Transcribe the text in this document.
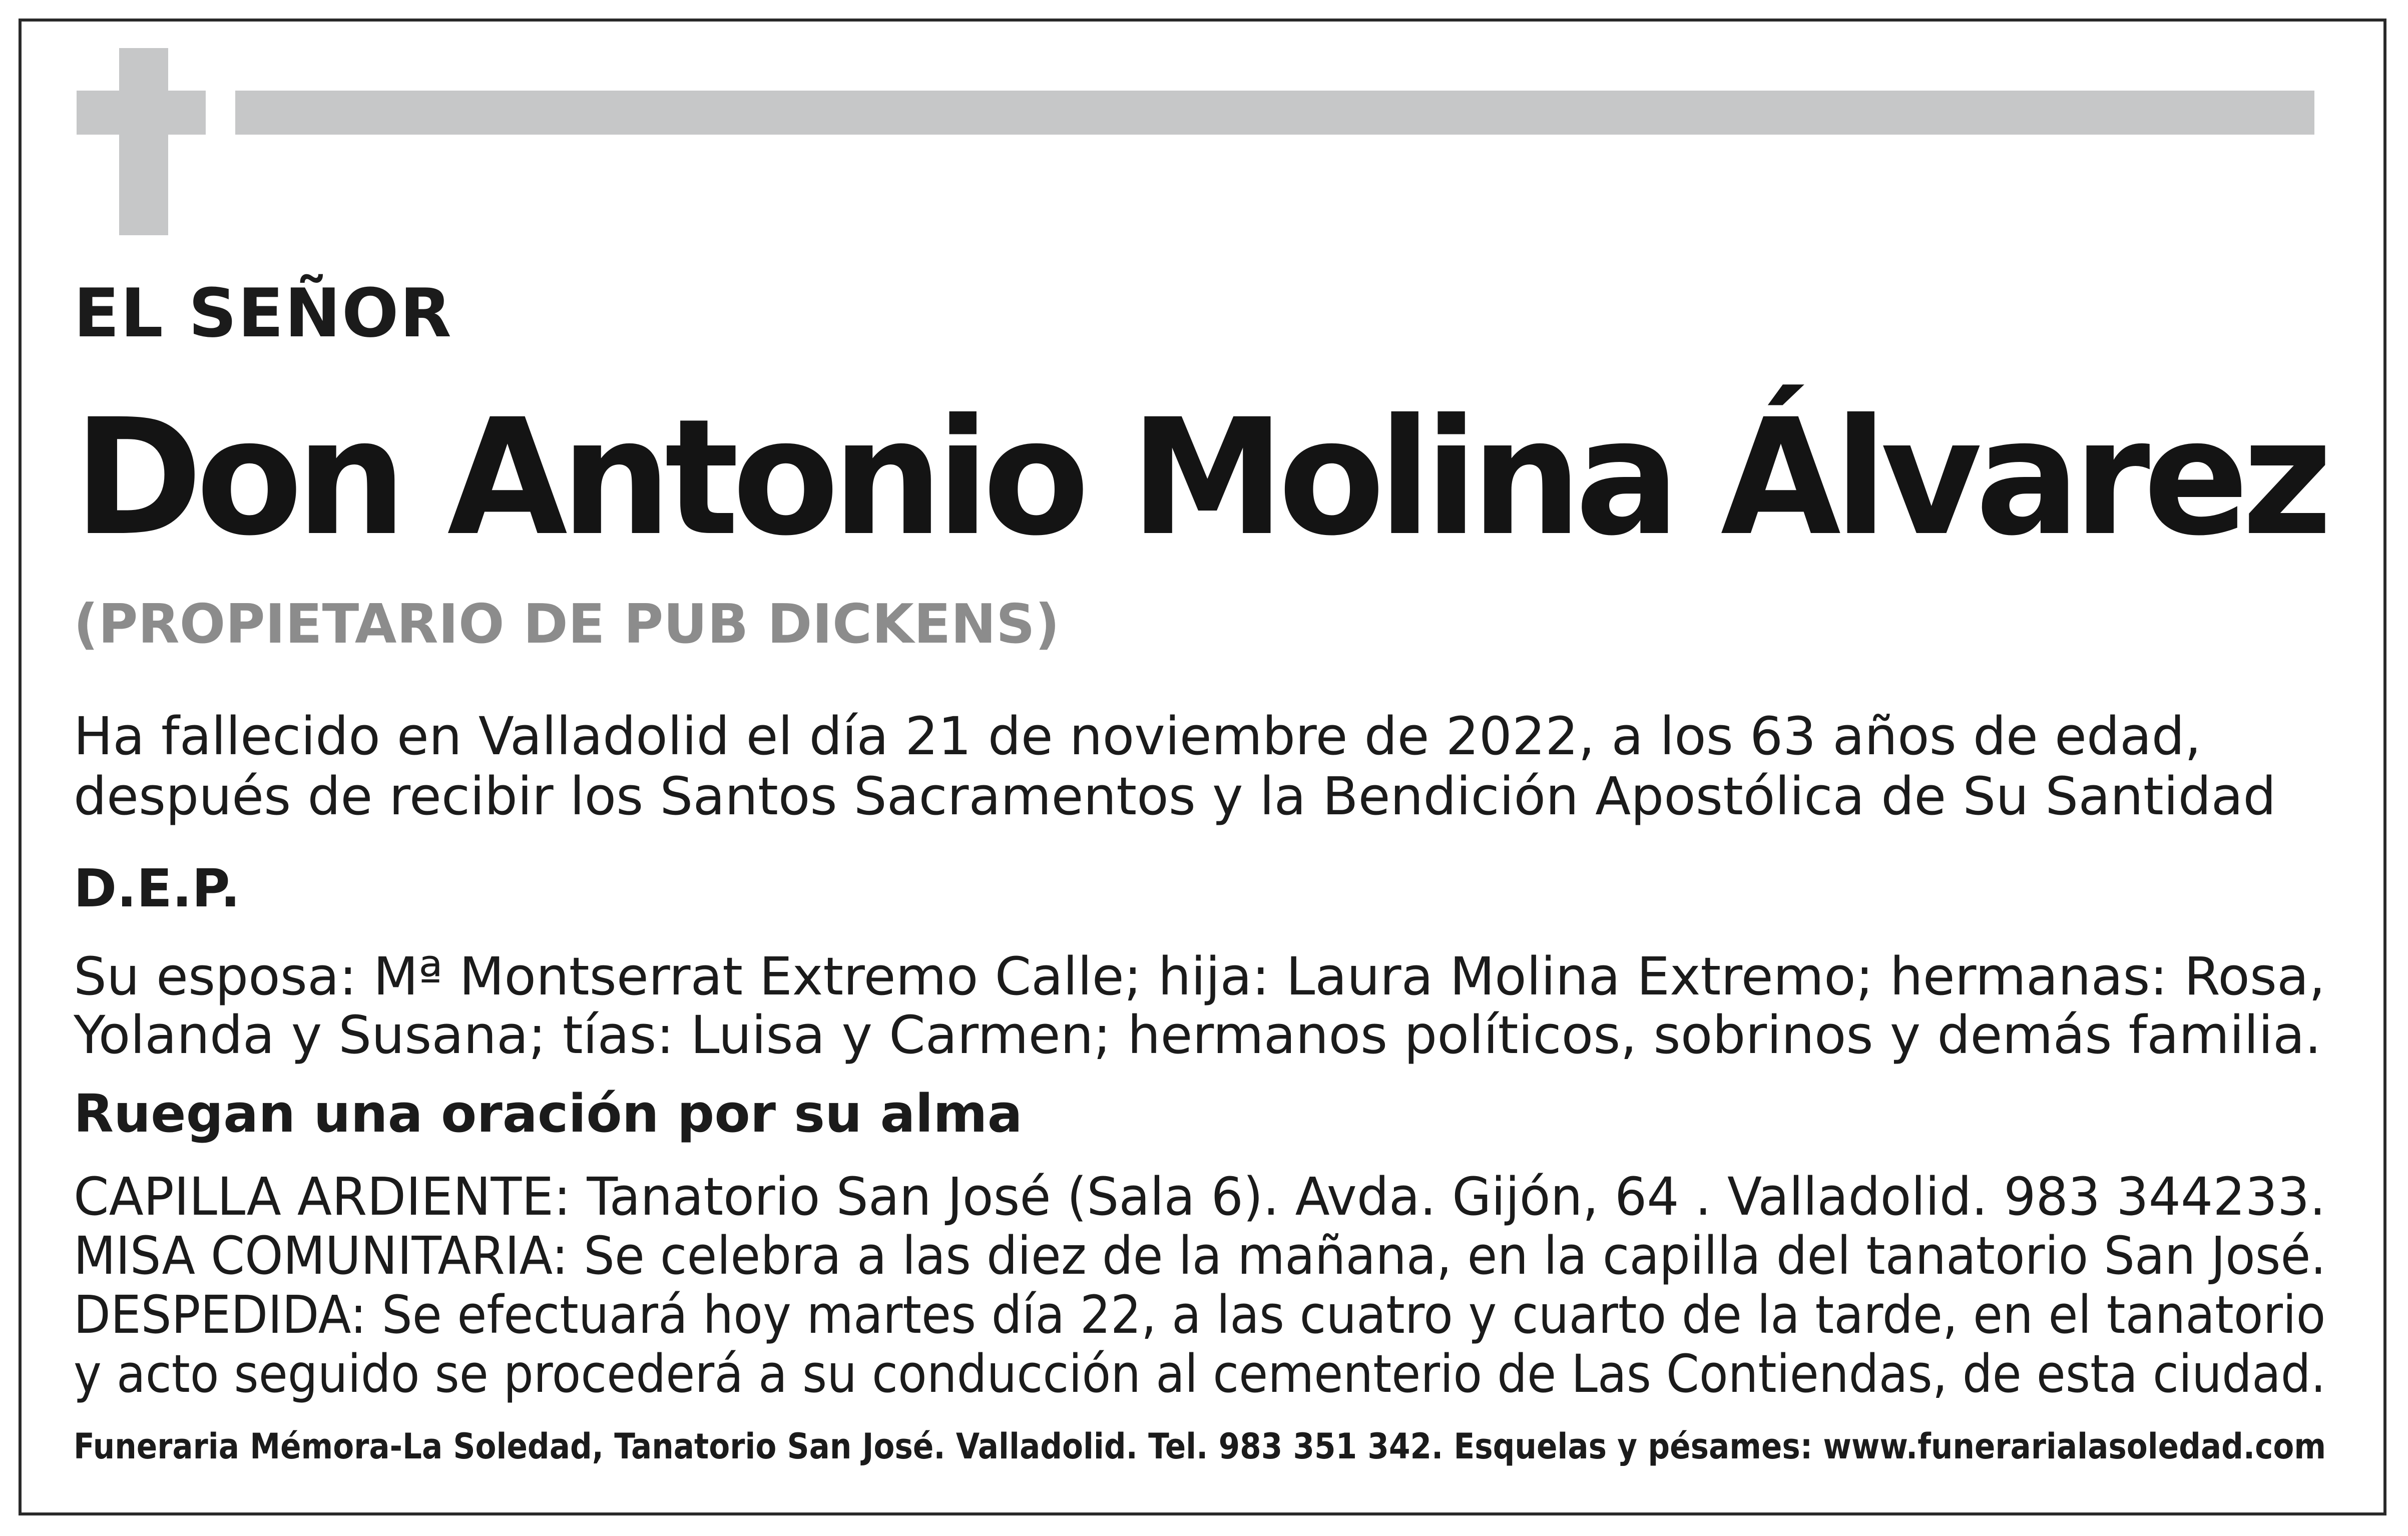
EL SEÑOR
Don Antonio Molina Álvarez
(PROPIETARIO DE PUB DICKENS)
Ha fallecido en Valladolid el día 21 de noviembre de 2022, a los 63 años de edad,
después de recibir los Santos Sacramentos y la Bendición Apostólica de Su Santidad
D.E.P.
Su esposa: Mª Montserrat Extremo Calle; hija: Laura Molina Extremo; hermanas: Rosa,
Yolanda y Susana; tías: Luisa y Carmen; hermanos políticos, sobrinos y demás familia.
Ruegan una oración por su alma
CAPILLA ARDIENTE: Tanatorio San José (Sala 6). Avda. Gijón, 64 . Valladolid. 983 344233.
MISA COMUNITARIA: Se celebra a las diez de la mañana, en la capilla del tanatorio San José.
DESPEDIDA: Se efectuará hoy martes día 22, a las cuatro y cuarto de la tarde, en el tanatorio
y acto seguido se procederá a su conducción al cementerio de Las Contiendas, de esta ciudad.
Funeraria Mémora-La Soledad, Tanatorio San José. Valladolid. Tel. 983 351 342. Esquelas y pésames: www.funerarialasoledad.com
